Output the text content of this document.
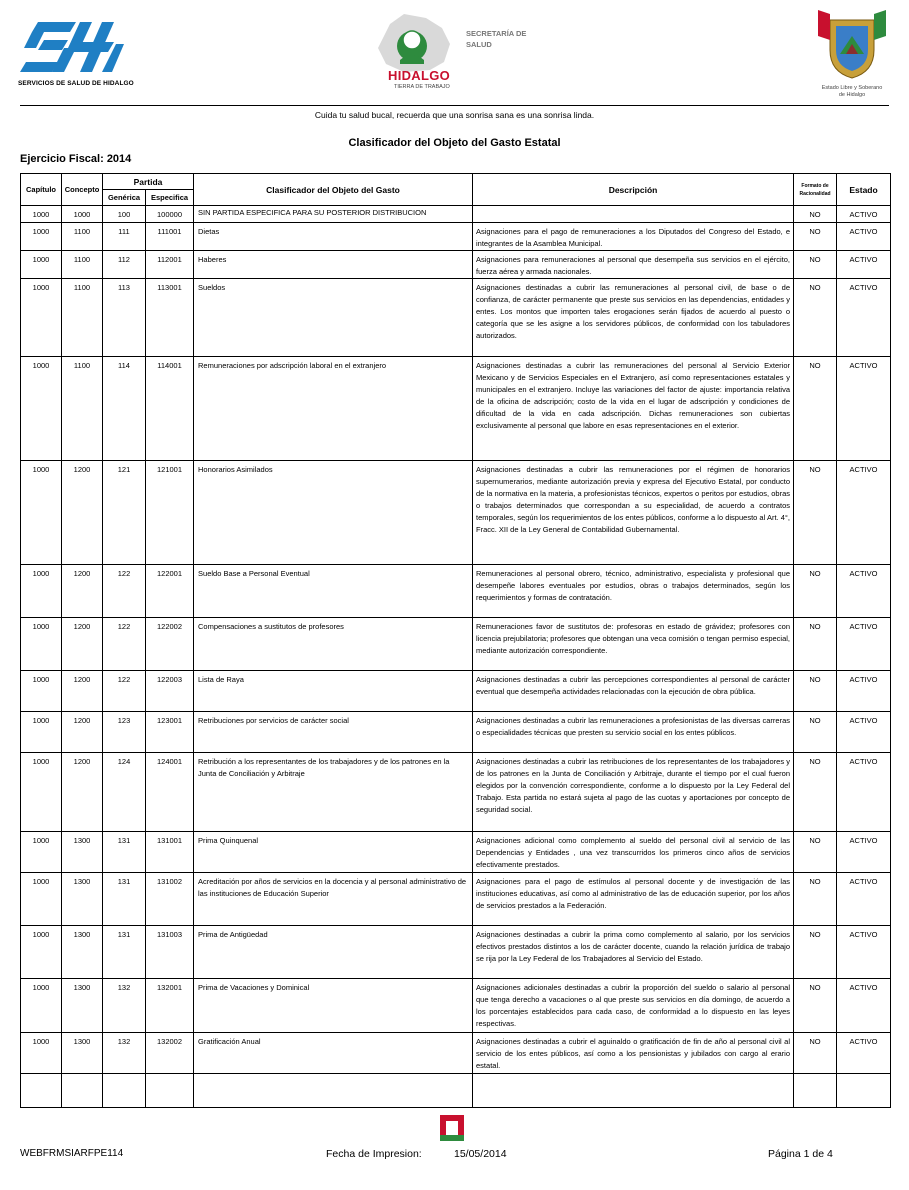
SERVICIOS DE SALUD DE HIDALGO
SECRETARÍA DE
SALUD
HIDALGO
TIERRA DE TRABAJO	Estado Libre y Soberano
de Hidalgo
Cuida tu salud bucal, recuerda que una sonrisa sana es una sonrisa linda.
Clasificador del Objeto del Gasto Estatal
Ejercicio Fiscal: 2014
Capítulo	Concepto	Partida		Clasificador del Objeto del Gasto	Descripción	Formato de
Racionalidad	Estado
		Genérica	Especifica				
1000	1000	100	100000	SIN PARTIDA ESPECIFICA PARA SU POSTERIOR DISTRIBUCION		NO	ACTIVO
1000	1100	111	111001	Dietas	Asignaciones para el pago de remuneraciones a los Diputados del Congreso del Estado, e integrantes de la Asamblea Municipal.	NO	ACTIVO
1000	1100	112	112001	Haberes	Asignaciones para remuneraciones al personal que desempeña sus servicios en el ejército, fuerza aérea y armada nacionales.	NO	ACTIVO
1000	1100	113	113001	Sueldos	Asignaciones destinadas a cubrir las remuneraciones al personal civil, de base o de confianza, de carácter permanente que preste sus servicios en las dependencias, entidades y entes. Los montos que importen tales erogaciones serán fijados de acuerdo al puesto o categoría que se les asigne a los servidores públicos, de conformidad con los tabuladores autorizados.	NO	ACTIVO
1000	1100	114	114001	Remuneraciones por adscripción laboral en el extranjero	Asignaciones destinadas a cubrir las remuneraciones del personal al Servicio Exterior Mexicano y de Servicios Especiales en el Extranjero, así como representaciones estatales y municipales en el extranjero. Incluye las variaciones del factor de ajuste: importancia relativa de la oficina de adscripción; costo de la vida en el lugar de adscripción y condiciones de dificultad de la vida en cada adscripción. Dichas remuneraciones son cubiertas exclusivamente al personal que labore en esas representaciones en el exterior.	NO	ACTIVO
1000	1200	121	121001	Honorarios Asimilados	Asignaciones destinadas a cubrir las remuneraciones por el régimen de honorarios supernumerarios, mediante autorización previa y expresa del Ejecutivo Estatal, por conducto de la normativa en la materia, a profesionistas técnicos, expertos o peritos por estudios, obras o trabajos determinados que correspondan a su especialidad, de acuerdo a contratos temporales, según los requerimientos de los entes públicos, conforme a lo dispuesto al Art. 4°, Fracc. XII de la Ley General de Contabilidad Gubernamental.	NO	ACTIVO
1000	1200	122	122001	Sueldo Base a Personal Eventual	Remuneraciones al personal obrero, técnico, administrativo, especialista y profesional que desempeñe labores eventuales por estudios, obras o trabajos determinados, según los requerimientos y formas de contratación.	NO	ACTIVO
1000	1200	122	122002	Compensaciones a sustitutos de profesores	Remuneraciones favor de sustitutos de: profesoras en estado de grávidez; profesores con licencia prejubilatoria; profesores que obtengan una veca comisión o tengan permiso especial, mediante autorización correspondiente.	NO	ACTIVO
1000	1200	122	122003	Lista de Raya	Asignaciones destinadas a cubrir las percepciones correspondientes al personal de carácter eventual que desempeña actividades relacionadas con la ejecución de obra pública.	NO	ACTIVO
1000	1200	123	123001	Retribuciones por servicios de carácter social	Asignaciones destinadas a cubrir las remuneraciones a profesionistas de las diversas carreras o especialidades técnicas que presten su servicio social en los entes públicos.	NO	ACTIVO
1000	1200	124	124001	Retribución a los representantes de los trabajadores y de los patrones en la Junta de Conciliación y Arbitraje	Asignaciones destinadas a cubrir las retribuciones de los representantes de los trabajadores y de los patrones en la Junta de Conciliación y Arbitraje, durante el tiempo por el cual fueron elegidos por la convención correspondiente, conforme a lo dispuesto por la Ley Federal del Trabajo. Esta partida no estará sujeta al pago de las cuotas y aportaciones por concepto de seguridad social.	NO	ACTIVO
1000	1300	131	131001	Prima Quinquenal	Asignaciones adicional como complemento al sueldo del personal civil al servicio de las Dependencias y Entidades , una vez transcurridos los primeros cinco años de servicios efectivamente prestados.	NO	ACTIVO
1000	1300	131	131002	Acreditación por años de servicios en la docencia y al personal administrativo de las instituciones de Educación Superior	Asignaciones para el pago de estímulos al personal docente y de investigación de las instituciones educativas, así como al administrativo de las de educación superior, por los años de servicios prestados a la Federación.	NO	ACTIVO
1000	1300	131	131003	Prima de Antigüedad	Asignaciones destinadas a cubrir la prima como complemento al salario, por los servicios efectivos prestados distintos a los de carácter docente, cuando la relación jurídica de trabajo se rija por la Ley Federal de los Trabajadores al Servicio del Estado.	NO	ACTIVO
1000	1300	132	132001	Prima de Vacaciones y Dominical	Asignaciones adicionales destinadas a cubrir la proporción del sueldo o salario al personal que tenga derecho a vacaciones o al que preste sus servicios en día domingo, de acuerdo a los porcentajes establecidos para cada caso, de conformidad a lo dispuesto en las leyes respectivas.	NO	ACTIVO
1000	1300	132	132002	Gratificación Anual	Asignaciones destinadas a cubrir el aguinaldo o gratificación de fin de año al personal civil al servicio de los entes públicos, así como a los pensionistas y jubilados con cargo al erario estatal.	NO	ACTIVO

WEBFRMSIARFPE114	Fecha de Impresion:	15/05/2014	Página 1 de 4
